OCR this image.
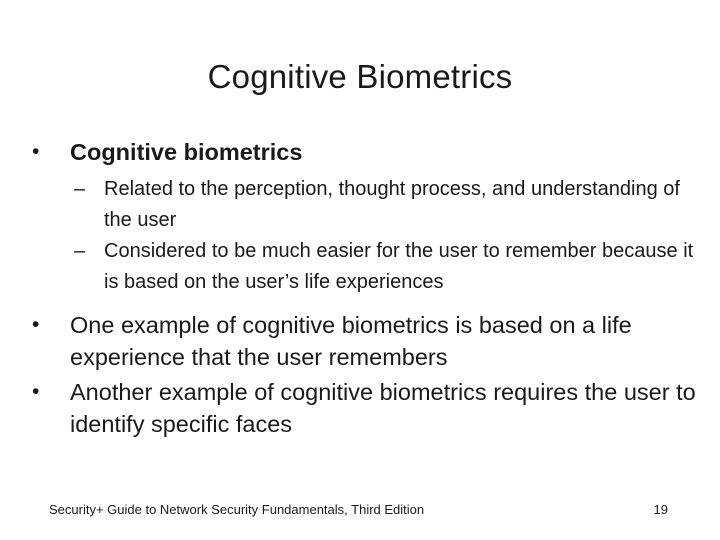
Cognitive Biometrics
• Cognitive biometrics
– Related to the perception, thought process, and understanding of the user
– Considered to be much easier for the user to remember because it is based on the user’s life experiences
• One example of cognitive biometrics is based on a life experience that the user remembers
• Another example of cognitive biometrics requires the user to identify specific faces
Security+ Guide to Network Security Fundamentals, Third Edition	19
